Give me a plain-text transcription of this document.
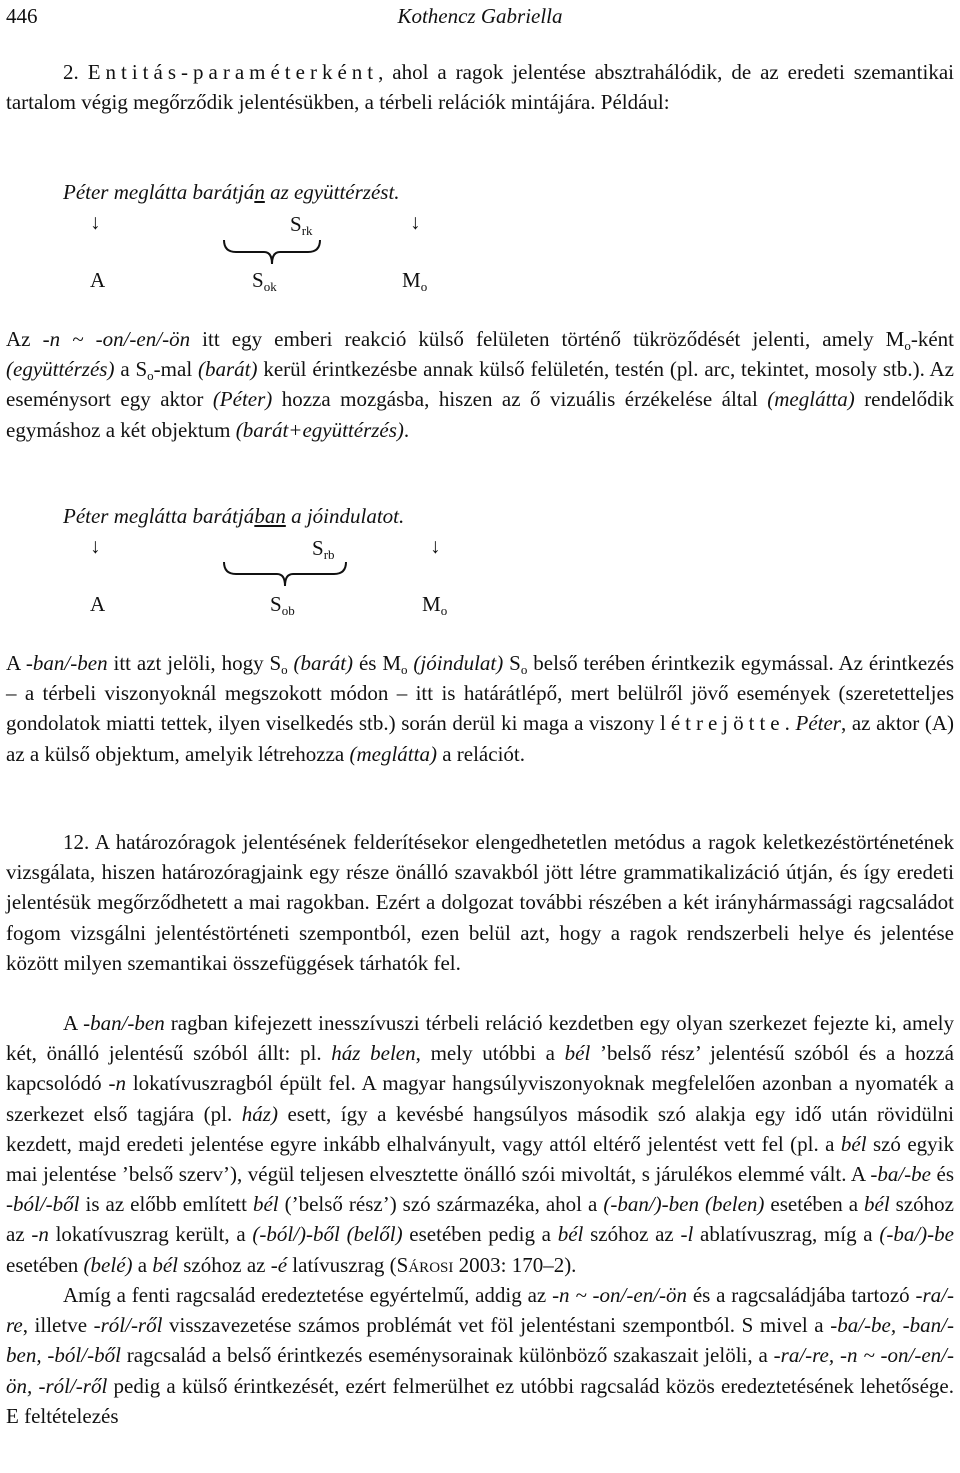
446	Kothencz Gabriella

2. Entitás-paraméterként, ahol a ragok jelentése absztrahálódik, de az eredeti szemantikai tartalom végig megőrződik jelentésükben, a térbeli relációk mintájára. Például:

Péter meglátta barátján az együttérzést.
↓	$S_{rk}$	↓
A	$S_{ok}$	$M_o$

Az -n ~ -on/-en/-ön itt egy emberi reakció külső felületen történő tükröződését jelenti, amely $M_o$-ként (együttérzés) a $S_o$-mal (barát) kerül érintkezésbe annak külső felületén, testén (pl. arc, tekintet, mosoly stb.). Az eseménysort egy aktor (Péter) hozza mozgásba, hiszen az ő vizuális érzékelése által (meglátta) rendelődik egymáshoz a két objektum (barát+együttérzés).

Péter meglátta barátjában a jóindulatot.
↓	$S_{rb}$	↓
A	$S_{ob}$	$M_o$

A -ban/-ben itt azt jelöli, hogy $S_o$ (barát) és $M_o$ (jóindulat) $S_o$ belső terében érintkezik egymással. Az érintkezés – a térbeli viszonyoknál megszokott módon – itt is határátlépő, mert belülről jövő események (szeretetteljes gondolatok miatti tettek, ilyen viselkedés stb.) során derül ki maga a viszony létrejötte. Péter, az aktor (A) az a külső objektum, amelyik létrehozza (meglátta) a relációt.

12. A határozóragok jelentésének felderítésekor elengedhetetlen metódus a ragok keletkezéstörténetének vizsgálata, hiszen határozóragjaink egy része önálló szavakból jött létre grammatikalizáció útján, és így eredeti jelentésük megőrződhetett a mai ragokban. Ezért a dolgozat további részében a két irányhármassági ragcsaládot fogom vizsgálni jelentéstörténeti szempontból, ezen belül azt, hogy a ragok rendszerbeli helye és jelentése között milyen szemantikai összefüggések tárhatók fel.

A -ban/-ben ragban kifejezett inesszívuszi térbeli reláció kezdetben egy olyan szerkezet fejezte ki, amely két, önálló jelentésű szóból állt: pl. ház belen, mely utóbbi a bél ’belső rész’ jelentésű szóból és a hozzá kapcsolódó -n lokatívuszragból épült fel. A magyar hangsúlyviszonyoknak megfelelően azonban a nyomaték a szerkezet első tagjára (pl. ház) esett, így a kevésbé hangsúlyos második szó alakja egy idő után rövidülni kezdett, majd eredeti jelentése egyre inkább elhalványult, vagy attól eltérő jelentést vett fel (pl. a bél szó egyik mai jelentése ’belső szerv’), végül teljesen elvesztette önálló szói mivoltát, s járulékos elemmé vált. A -ba/-be és -ból/-ből is az előbb említett bél (’belső rész’) szó származéka, ahol a (-ban/)-ben (belen) esetében a bél szóhoz az -n lokatívuszrag került, a (-ból/)-ből (belől) esetében pedig a bél szóhoz az -l ablatívuszrag, míg a (-ba/)-be esetében (belé) a bél szóhoz az -é latívuszrag (Sárosi 2003: 170–2).

Amíg a fenti ragcsalád eredeztetése egyértelmű, addig az -n ~ -on/-en/-ön és a ragcsaládjába tartozó -ra/-re, illetve -ról/-ről visszavezetése számos problémát vet föl jelentéstani szempontból. S mivel a -ba/-be, -ban/-ben, -ból/-ből ragcsalád a belső érintkezés eseménysorainak különböző szakaszait jelöli, a -ra/-re, -n ~ -on/-en/-ön, -ról/-ről pedig a külső érintkezését, ezért felmerülhet ez utóbbi ragcsalád közös eredeztetésének lehetősége. E feltételezés
